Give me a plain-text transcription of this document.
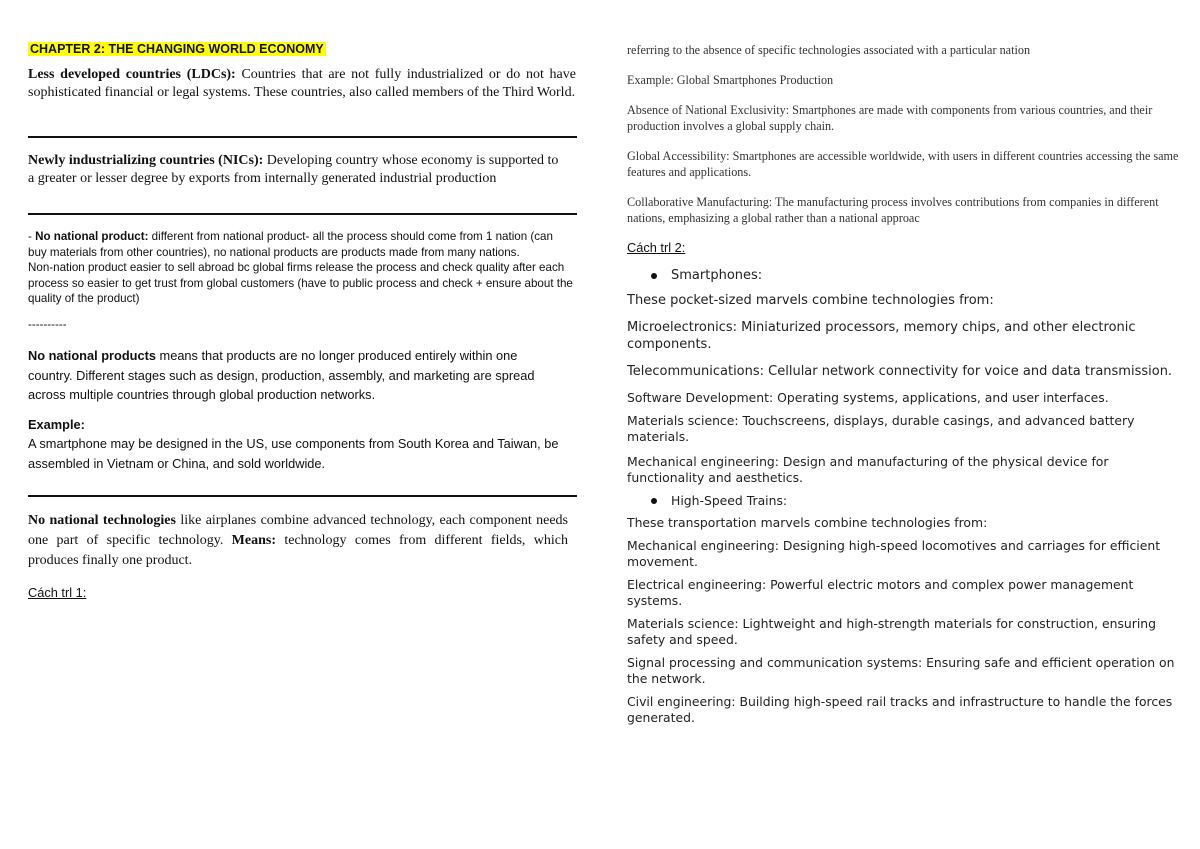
CHAPTER 2: THE CHANGING WORLD ECONOMY

Less developed countries (LDCs): Countries that are not fully industrialized or do not have sophisticated financial or legal systems. These countries, also called members of the Third World.

Newly industrializing countries (NICs): Developing country whose economy is supported to a greater or lesser degree by exports from internally generated industrial production

- No national product: different from national product- all the process should come from 1 nation (can buy materials from other countries), no national products are products made from many nations.
Non-nation product easier to sell abroad bc global firms release the process and check quality after each process so easier to get trust from global customers (have to public process and check + ensure about the quality of the product)

----------

No national products means that products are no longer produced entirely within one country. Different stages such as design, production, assembly, and marketing are spread across multiple countries through global production networks.

Example:

A smartphone may be designed in the US, use components from South Korea and Taiwan, be assembled in Vietnam or China, and sold worldwide.

No national technologies like airplanes combine advanced technology, each component needs one part of specific technology. Means: technology comes from different fields, which produces finally one product.

Cách trl 1:

referring to the absence of specific technologies associated with a particular nation

Example: Global Smartphones Production

Absence of National Exclusivity: Smartphones are made with components from various countries, and their production involves a global supply chain.

Global Accessibility: Smartphones are accessible worldwide, with users in different countries accessing the same features and applications.

Collaborative Manufacturing: The manufacturing process involves contributions from companies in different nations, emphasizing a global rather than a national approac

Cách trl 2:

Smartphones:

These pocket-sized marvels combine technologies from:

Microelectronics: Miniaturized processors, memory chips, and other electronic components.

Telecommunications: Cellular network connectivity for voice and data transmission.

Software Development: Operating systems, applications, and user interfaces.

Materials science: Touchscreens, displays, durable casings, and advanced battery materials.

Mechanical engineering: Design and manufacturing of the physical device for functionality and aesthetics.

High-Speed Trains:

These transportation marvels combine technologies from:

Mechanical engineering: Designing high-speed locomotives and carriages for efficient movement.

Electrical engineering: Powerful electric motors and complex power management systems.

Materials science: Lightweight and high-strength materials for construction, ensuring safety and speed.

Signal processing and communication systems: Ensuring safe and efficient operation on the network.

Civil engineering: Building high-speed rail tracks and infrastructure to handle the forces generated.
